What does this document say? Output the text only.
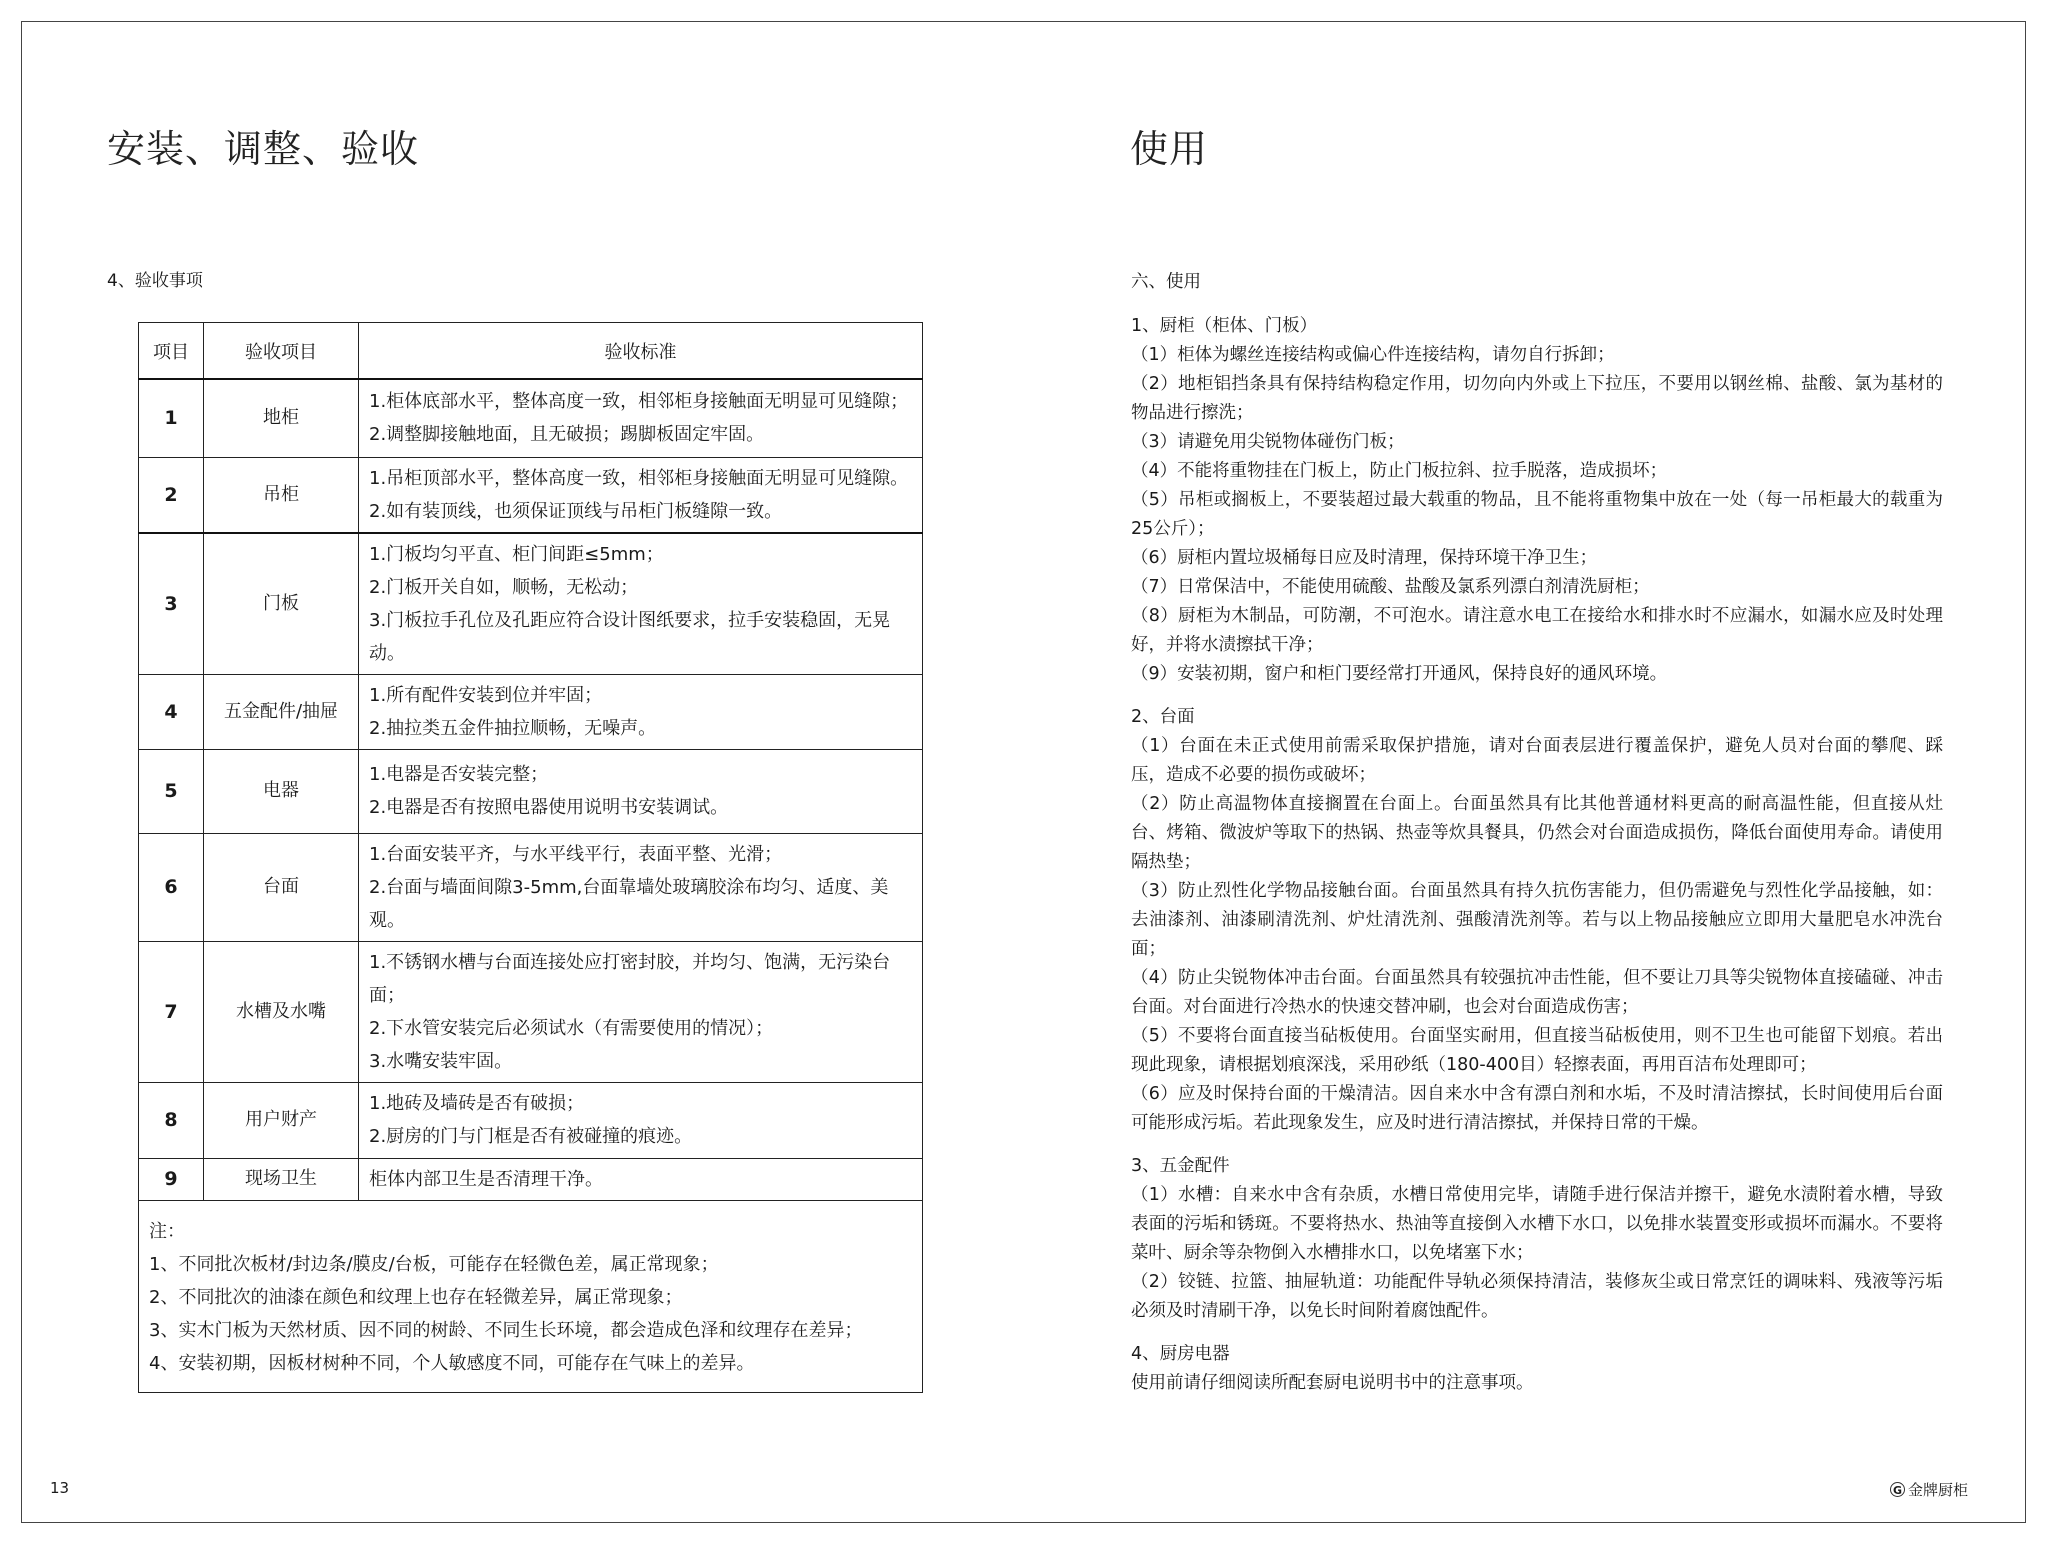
安装、调整、验收
4、验收事项
项目	验收项目	验收标准
1	地柜	1.柜体底部水平，整体高度一致，相邻柜身接触面无明显可见缝隙；
2.调整脚接触地面，且无破损；踢脚板固定牢固。

2	吊柜	1.吊柜顶部水平，整体高度一致，相邻柜身接触面无明显可见缝隙。
2.如有装顶线，也须保证顶线与吊柜门板缝隙一致。

3	门板	1.门板均匀平直、柜门间距≤5mm；
2.门板开关自如，顺畅，无松动；
3.门板拉手孔位及孔距应符合设计图纸要求，拉手安装稳固，无晃动。

4	五金配件/抽屉	1.所有配件安装到位并牢固；
2.抽拉类五金件抽拉顺畅，无噪声。

5	电器	1.电器是否安装完整；
2.电器是否有按照电器使用说明书安装调试。

6	台面	1.台面安装平齐，与水平线平行，表面平整、光滑；
2.台面与墙面间隙3-5mm,台面靠墙处玻璃胶涂布均匀、适度、美观。

7	水槽及水嘴	1.不锈钢水槽与台面连接处应打密封胶，并均匀、饱满，无污染台面；
2.下水管安装完后必须试水（有需要使用的情况）；
3.水嘴安装牢固。

8	用户财产	1.地砖及墙砖是否有破损；
2.厨房的门与门框是否有被碰撞的痕迹。

9	现场卫生	柜体内部卫生是否清理干净。

注：
1、不同批次板材/封边条/膜皮/台板，可能存在轻微色差，属正常现象；
2、不同批次的油漆在颜色和纹理上也存在轻微差异，属正常现象；
3、实木门板为天然材质、因不同的树龄、不同生长环境，都会造成色泽和纹理存在差异；
4、安装初期，因板材树种不同，个人敏感度不同，可能存在气味上的差异。		
使用

六、使用

1、厨柜（柜体、门板）

（1）柜体为螺丝连接结构或偏心件连接结构，请勿自行拆卸；

（2）地柜铝挡条具有保持结构稳定作用，切勿向内外或上下拉压，不要用以钢丝棉、盐酸、氯为基材的物品进行擦洗；

（3）请避免用尖锐物体碰伤门板；

（4）不能将重物挂在门板上，防止门板拉斜、拉手脱落，造成损坏；

（5）吊柜或搁板上，不要装超过最大载重的物品，且不能将重物集中放在一处（每一吊柜最大的载重为25公斤）；

（6）厨柜内置垃圾桶每日应及时清理，保持环境干净卫生；

（7）日常保洁中，不能使用硫酸、盐酸及氯系列漂白剂清洗厨柜；

（8）厨柜为木制品，可防潮，不可泡水。请注意水电工在接给水和排水时不应漏水，如漏水应及时处理好，并将水渍擦拭干净；

（9）安装初期，窗户和柜门要经常打开通风，保持良好的通风环境。

2、台面

（1）台面在未正式使用前需采取保护措施，请对台面表层进行覆盖保护，避免人员对台面的攀爬、踩压，造成不必要的损伤或破坏；

（2）防止高温物体直接搁置在台面上。台面虽然具有比其他普通材料更高的耐高温性能，但直接从灶台、烤箱、微波炉等取下的热锅、热壶等炊具餐具，仍然会对台面造成损伤，降低台面使用寿命。请使用隔热垫；

（3）防止烈性化学物品接触台面。台面虽然具有持久抗伤害能力，但仍需避免与烈性化学品接触，如：去油漆剂、油漆刷清洗剂、炉灶清洗剂、强酸清洗剂等。若与以上物品接触应立即用大量肥皂水冲洗台面；

（4）防止尖锐物体冲击台面。台面虽然具有较强抗冲击性能，但不要让刀具等尖锐物体直接磕碰、冲击台面。对台面进行冷热水的快速交替冲刷，也会对台面造成伤害；

（5）不要将台面直接当砧板使用。台面坚实耐用，但直接当砧板使用，则不卫生也可能留下划痕。若出现此现象，请根据划痕深浅，采用砂纸（180-400目）轻擦表面，再用百洁布处理即可；

（6）应及时保持台面的干燥清洁。因自来水中含有漂白剂和水垢，不及时清洁擦拭，长时间使用后台面可能形成污垢。若此现象发生，应及时进行清洁擦拭，并保持日常的干燥。

3、五金配件

（1）水槽：自来水中含有杂质，水槽日常使用完毕，请随手进行保洁并擦干，避免水渍附着水槽，导致表面的污垢和锈斑。不要将热水、热油等直接倒入水槽下水口，以免排水装置变形或损坏而漏水。不要将菜叶、厨余等杂物倒入水槽排水口，以免堵塞下水；

（2）铰链、拉篮、抽屉轨道：功能配件导轨必须保持清洁，装修灰尘或日常烹饪的调味料、残液等污垢必须及时清刷干净，以免长时间附着腐蚀配件。

4、厨房电器

使用前请仔细阅读所配套厨电说明书中的注意事项。

13	G 金牌厨柜
